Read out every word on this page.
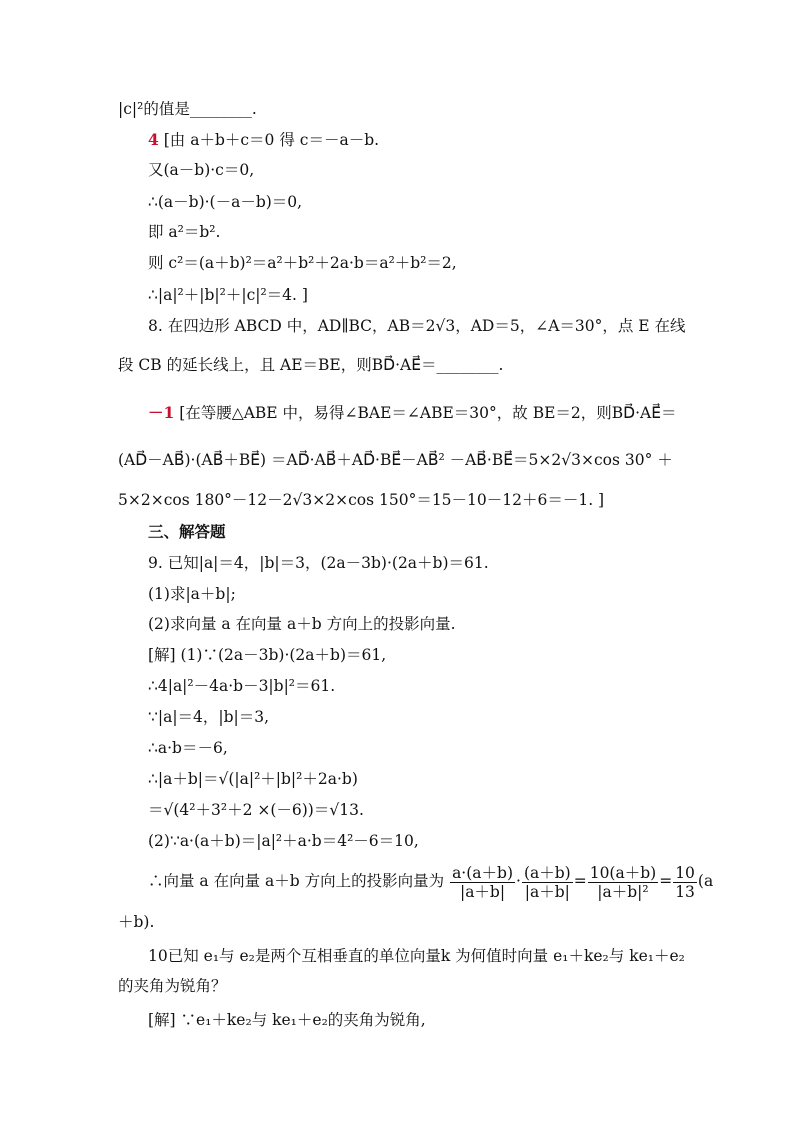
|c|²的值是________.
4 [由 a＋b＋c＝0 得 c＝－a－b.
又(a－b)·c＝0,
∴(a－b)·(－a－b)＝0,
即 a²＝b².
则 c²＝(a＋b)²＝a²＋b²＋2a·b＝a²＋b²＝2,
∴|a|²＋|b|²＋|c|²＝4. ]
8. 在四边形 ABCD 中，AD∥BC，AB＝2√3，AD＝5，∠A＝30°，点 E 在线
段 CB 的延长线上，且 AE＝BE，则BD⃗·AE⃗＝________.
－1 [在等腰△ABE 中，易得∠BAE＝∠ABE＝30°，故 BE＝2，则BD⃗·AE⃗＝
(AD⃗－AB⃗)·(AB⃗＋BE⃗) ＝AD⃗·AB⃗＋AD⃗·BE⃗－AB⃗² －AB⃗·BE⃗＝5×2√3×cos 30° ＋
5×2×cos 180°－12－2√3×2×cos 150°＝15－10－12＋6＝－1. ]
三、解答题
9. 已知|a|＝4，|b|＝3，(2a－3b)·(2a＋b)＝61.
(1)求|a＋b|;
(2)求向量 a 在向量 a＋b 方向上的投影向量.
[解] (1)∵(2a－3b)·(2a＋b)＝61,
∴4|a|²－4a·b－3|b|²＝61.
∵|a|＝4，|b|＝3,
∴a·b＝－6,
∴|a＋b|＝√(|a|²＋|b|²＋2a·b)
＝√(4²＋3²＋2 ×(－6))＝√13.
(2)∵a·(a＋b)＝|a|²＋a·b＝4²－6＝10,
∴向量 a 在向量 a＋b 方向上的投影向量为 $\frac{a\cdot(a+b)}{|a+b|} \cdot \frac{(a+b)}{|a+b|} = \frac{10(a+b)}{\text{|a＋b|²}} = \frac{10}{13} (a$
＋b).
10已知 e₁与 e₂是两个互相垂直的单位向量k 为何值时向量 e₁＋ke₂与 ke₁＋e₂
的夹角为锐角？
[解] ∵e₁＋ke₂与 ke₁＋e₂的夹角为锐角,
